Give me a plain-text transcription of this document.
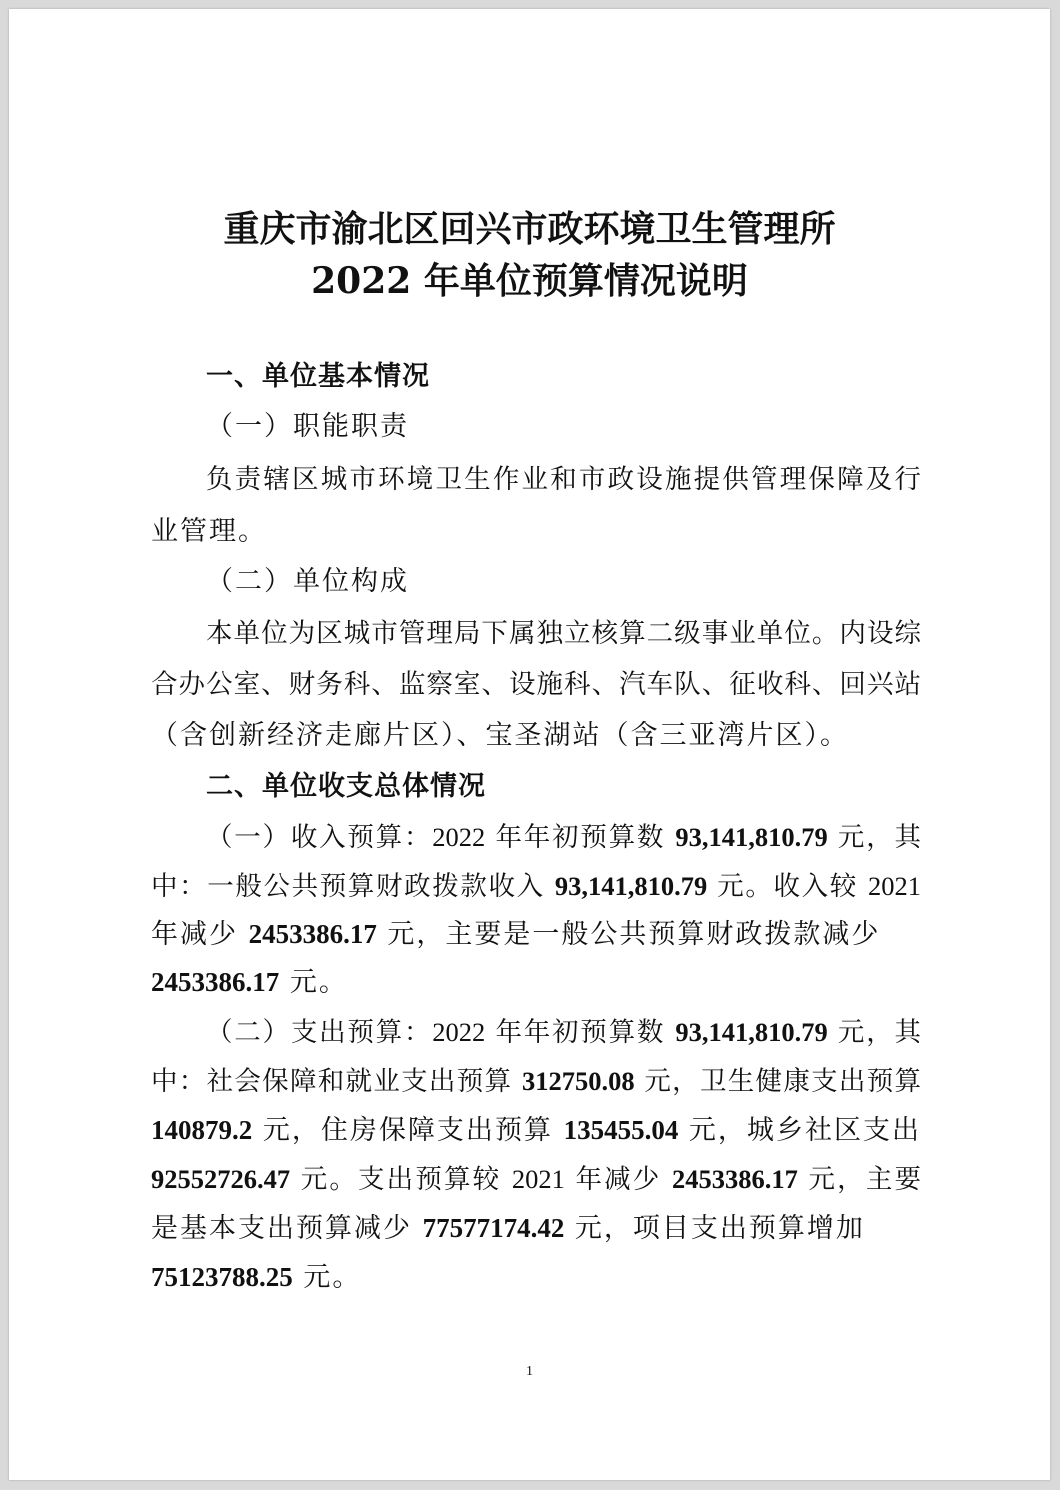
重庆市渝北区回兴市政环境卫生管理所
2022 年单位预算情况说明
一、单位基本情况
（一）职能职责
负责辖区城市环境卫生作业和市政设施提供管理保障及行
业管理。
（二）单位构成
本单位为区城市管理局下属独立核算二级事业单位。内设综
合办公室、财务科、监察室、设施科、汽车队、征收科、回兴站
（含创新经济走廊片区）、宝圣湖站（含三亚湾片区）。
二、单位收支总体情况
（一）收入预算：2022 年年初预算数 93,141,810.79 元，其
中：一般公共预算财政拨款收入 93,141,810.79 元。收入较 2021
年减少 2453386.17 元，主要是一般公共预算财政拨款减少
2453386.17 元。
（二）支出预算：2022 年年初预算数 93,141,810.79 元，其
中：社会保障和就业支出预算 312750.08 元，卫生健康支出预算
140879.2 元，住房保障支出预算 135455.04 元，城乡社区支出
92552726.47 元。支出预算较 2021 年减少 2453386.17 元，主要
是基本支出预算减少 77577174.42 元，项目支出预算增加
75123788.25 元。
1
